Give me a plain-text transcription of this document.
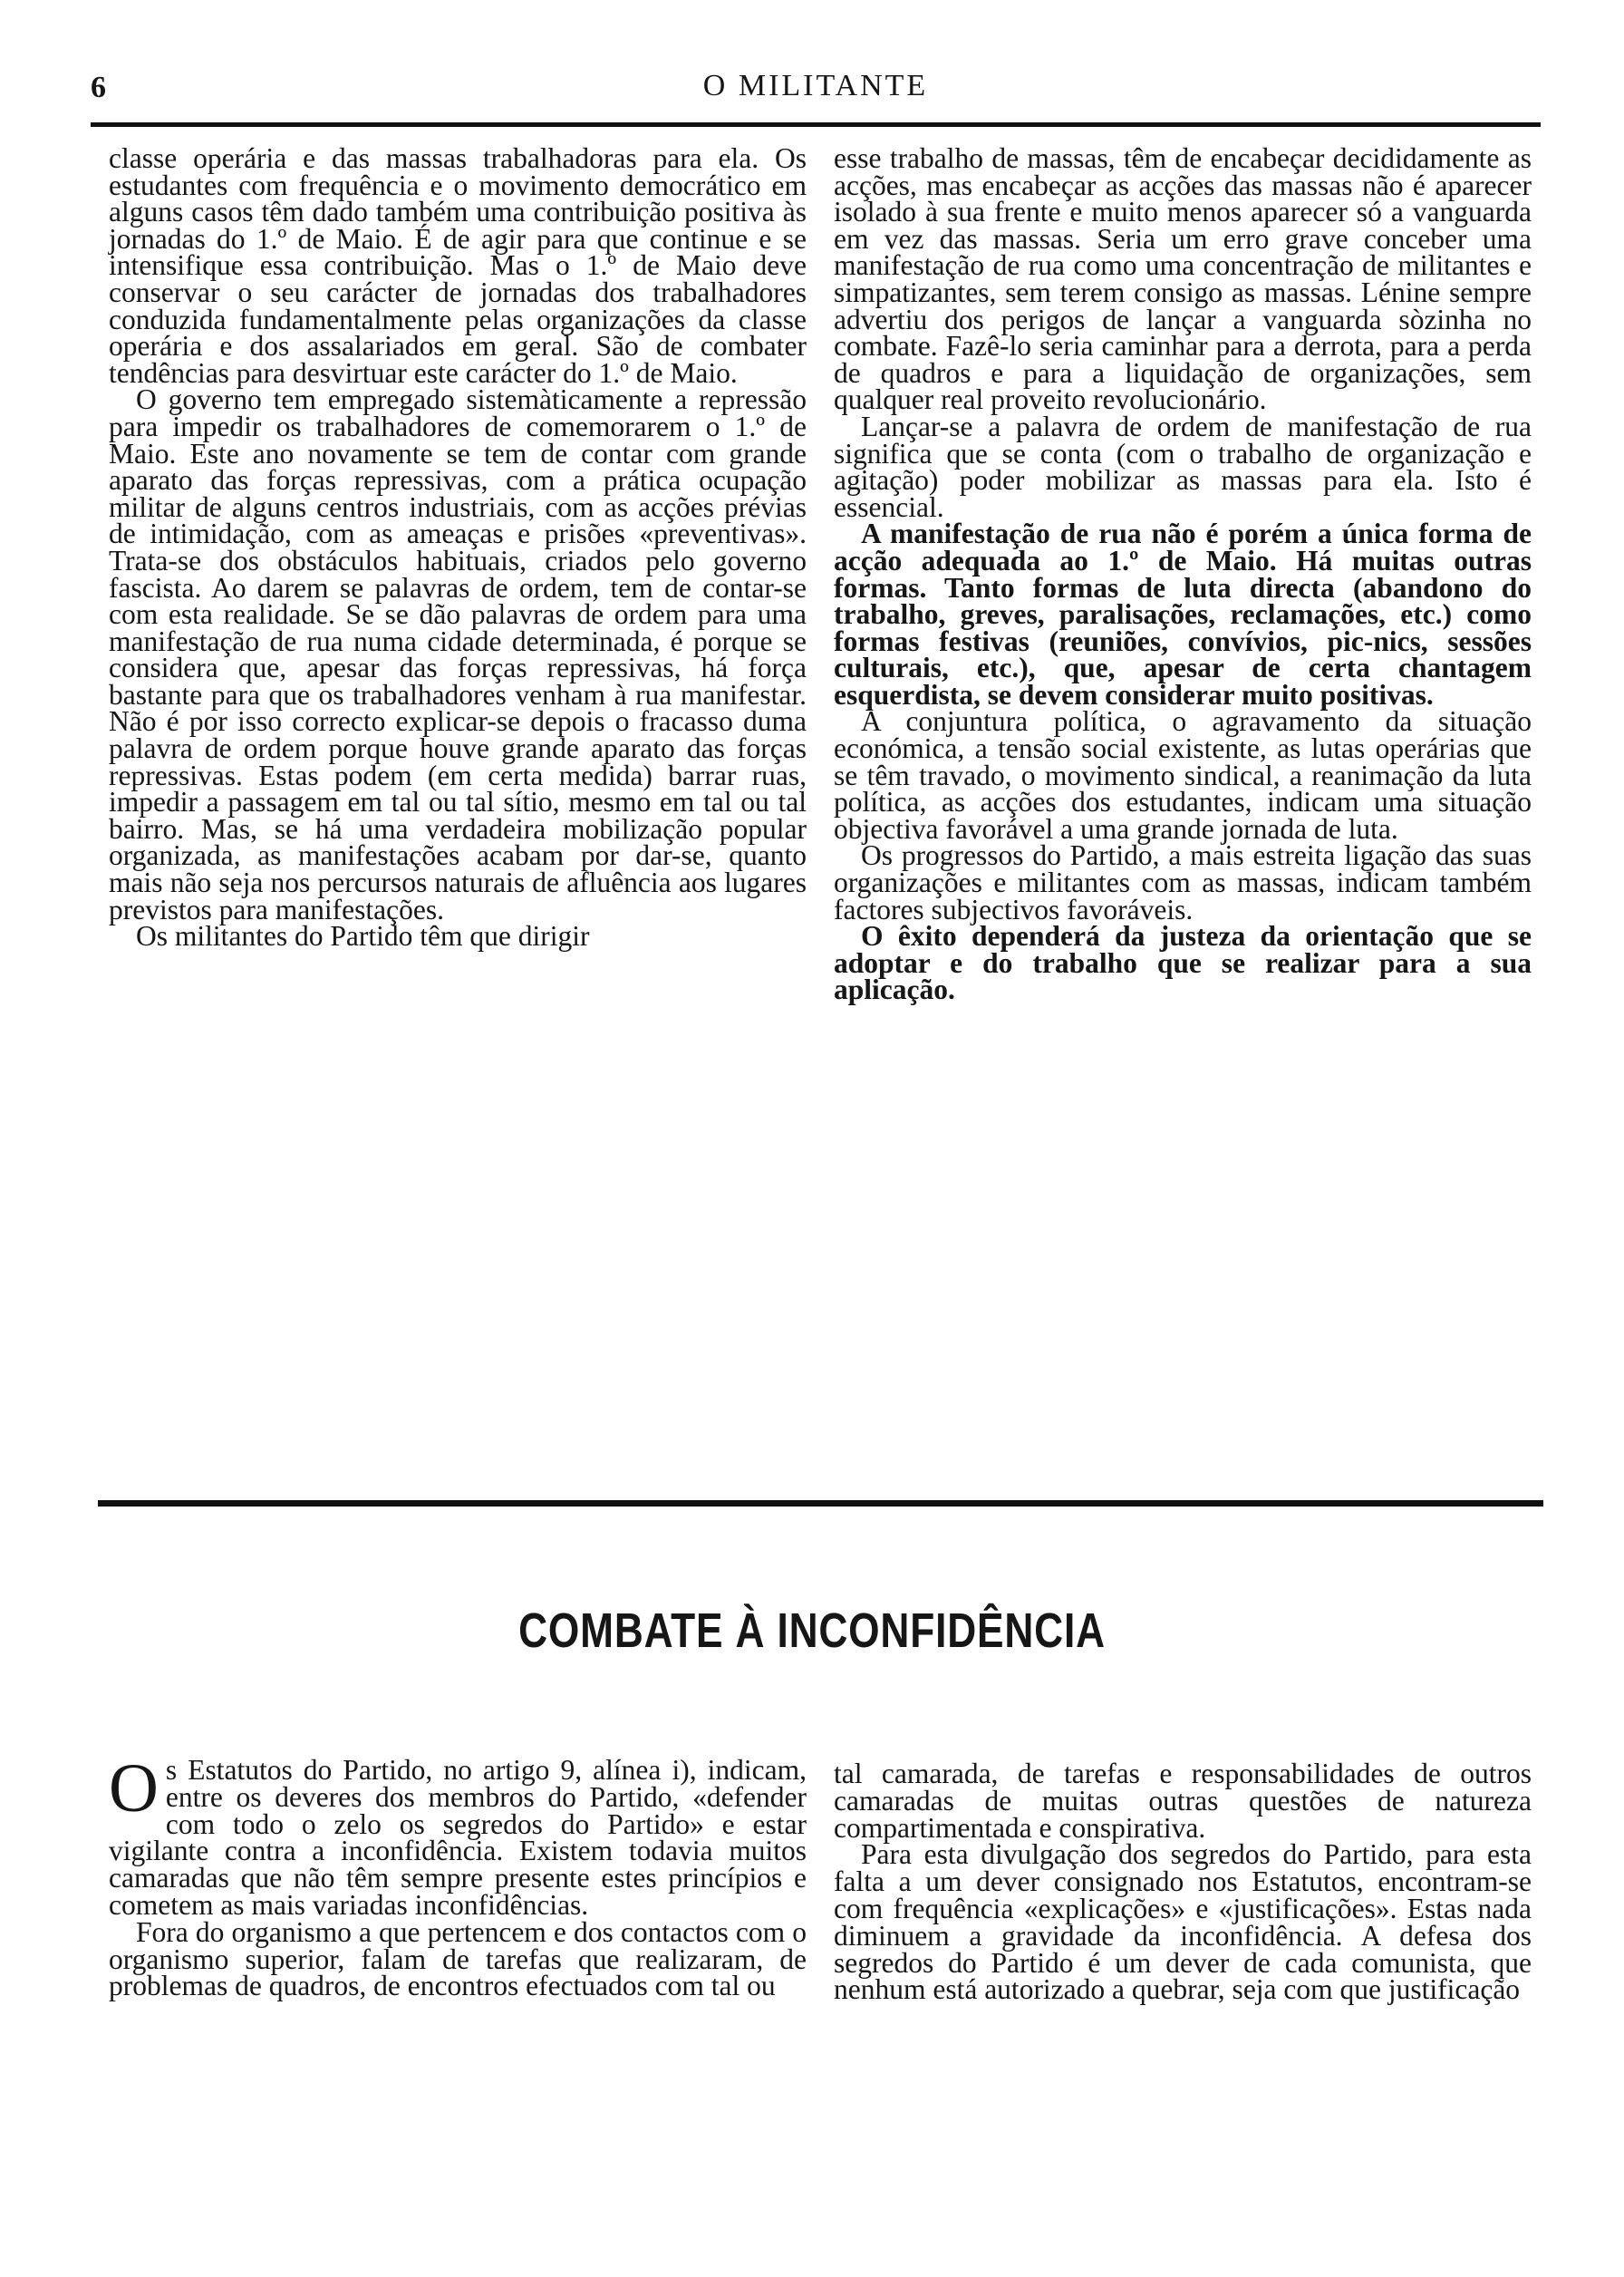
6	O MILITANTE

classe operária e das massas trabalhadoras para ela. Os estudantes com frequência e o movimento democrático em alguns casos têm dado também uma contribuição positiva às jornadas do 1.º de Maio. É de agir para que continue e se intensifique essa contribuição. Mas o 1.º de Maio deve conservar o seu carácter de jornadas dos trabalhadores conduzida fundamentalmente pelas organizações da classe operária e dos assalariados em geral. São de combater tendências para desvirtuar este carácter do 1.º de Maio.

O governo tem empregado sistemàticamente a repressão para impedir os trabalhadores de comemorarem o 1.º de Maio. Este ano novamente se tem de contar com grande aparato das forças repressivas, com a prática ocupação militar de alguns centros industriais, com as acções prévias de intimidação, com as ameaças e prisões «preventivas». Trata-se dos obstáculos habituais, criados pelo governo fascista. Ao darem se palavras de ordem, tem de contar-se com esta realidade. Se se dão palavras de ordem para uma manifestação de rua numa cidade determinada, é porque se considera que, apesar das forças repressivas, há força bastante para que os trabalhadores venham à rua manifestar. Não é por isso correcto explicar-se depois o fracasso duma palavra de ordem porque houve grande aparato das forças repressivas. Estas podem (em certa medida) barrar ruas, impedir a passagem em tal ou tal sítio, mesmo em tal ou tal bairro. Mas, se há uma verdadeira mobilização popular organizada, as manifestações acabam por dar-se, quanto mais não seja nos percursos naturais de afluência aos lugares previstos para manifestações.

Os militantes do Partido têm que dirigir

esse trabalho de massas, têm de encabeçar decididamente as acções, mas encabeçar as acções das massas não é aparecer isolado à sua frente e muito menos aparecer só a vanguarda em vez das massas. Seria um erro grave conceber uma manifestação de rua como uma concentração de militantes e simpatizantes, sem terem consigo as massas. Lénine sempre advertiu dos perigos de lançar a vanguarda sòzinha no combate. Fazê-lo seria caminhar para a derrota, para a perda de quadros e para a liquidação de organizações, sem qualquer real proveito revolucionário.

Lançar-se a palavra de ordem de manifestação de rua significa que se conta (com o trabalho de organização e agitação) poder mobilizar as massas para ela. Isto é essencial.

A manifestação de rua não é porém a única forma de acção adequada ao 1.º de Maio. Há muitas outras formas. Tanto formas de luta directa (abandono do trabalho, greves, paralisações, reclamações, etc.) como formas festivas (reuniões, convívios, pic-nics, sessões culturais, etc.), que, apesar de certa chantagem esquerdista, se devem considerar muito positivas.

A conjuntura política, o agravamento da situação económica, a tensão social existente, as lutas operárias que se têm travado, o movimento sindical, a reanimação da luta política, as acções dos estudantes, indicam uma situação objectiva favorável a uma grande jornada de luta.

Os progressos do Partido, a mais estreita ligação das suas organizações e militantes com as massas, indicam também factores subjectivos favoráveis.

O êxito dependerá da justeza da orientação que se adoptar e do trabalho que se realizar para a sua aplicação.

COMBATE À INCONFIDÊNCIA

Os Estatutos do Partido, no artigo 9, alínea i), indicam, entre os deveres dos membros do Partido, «defender com todo o zelo os segredos do Partido» e estar vigilante contra a inconfidência. Existem todavia muitos camaradas que não têm sempre presente estes princípios e cometem as mais variadas inconfidências.

Fora do organismo a que pertencem e dos contactos com o organismo superior, falam de tarefas que realizaram, de problemas de quadros, de encontros efectuados com tal ou

tal camarada, de tarefas e responsabilidades de outros camaradas de muitas outras questões de natureza compartimentada e conspirativa.

Para esta divulgação dos segredos do Partido, para esta falta a um dever consignado nos Estatutos, encontram-se com frequência «explicações» e «justificações». Estas nada diminuem a gravidade da inconfidência. A defesa dos segredos do Partido é um dever de cada comunista, que nenhum está autorizado a quebrar, seja com que justificação
